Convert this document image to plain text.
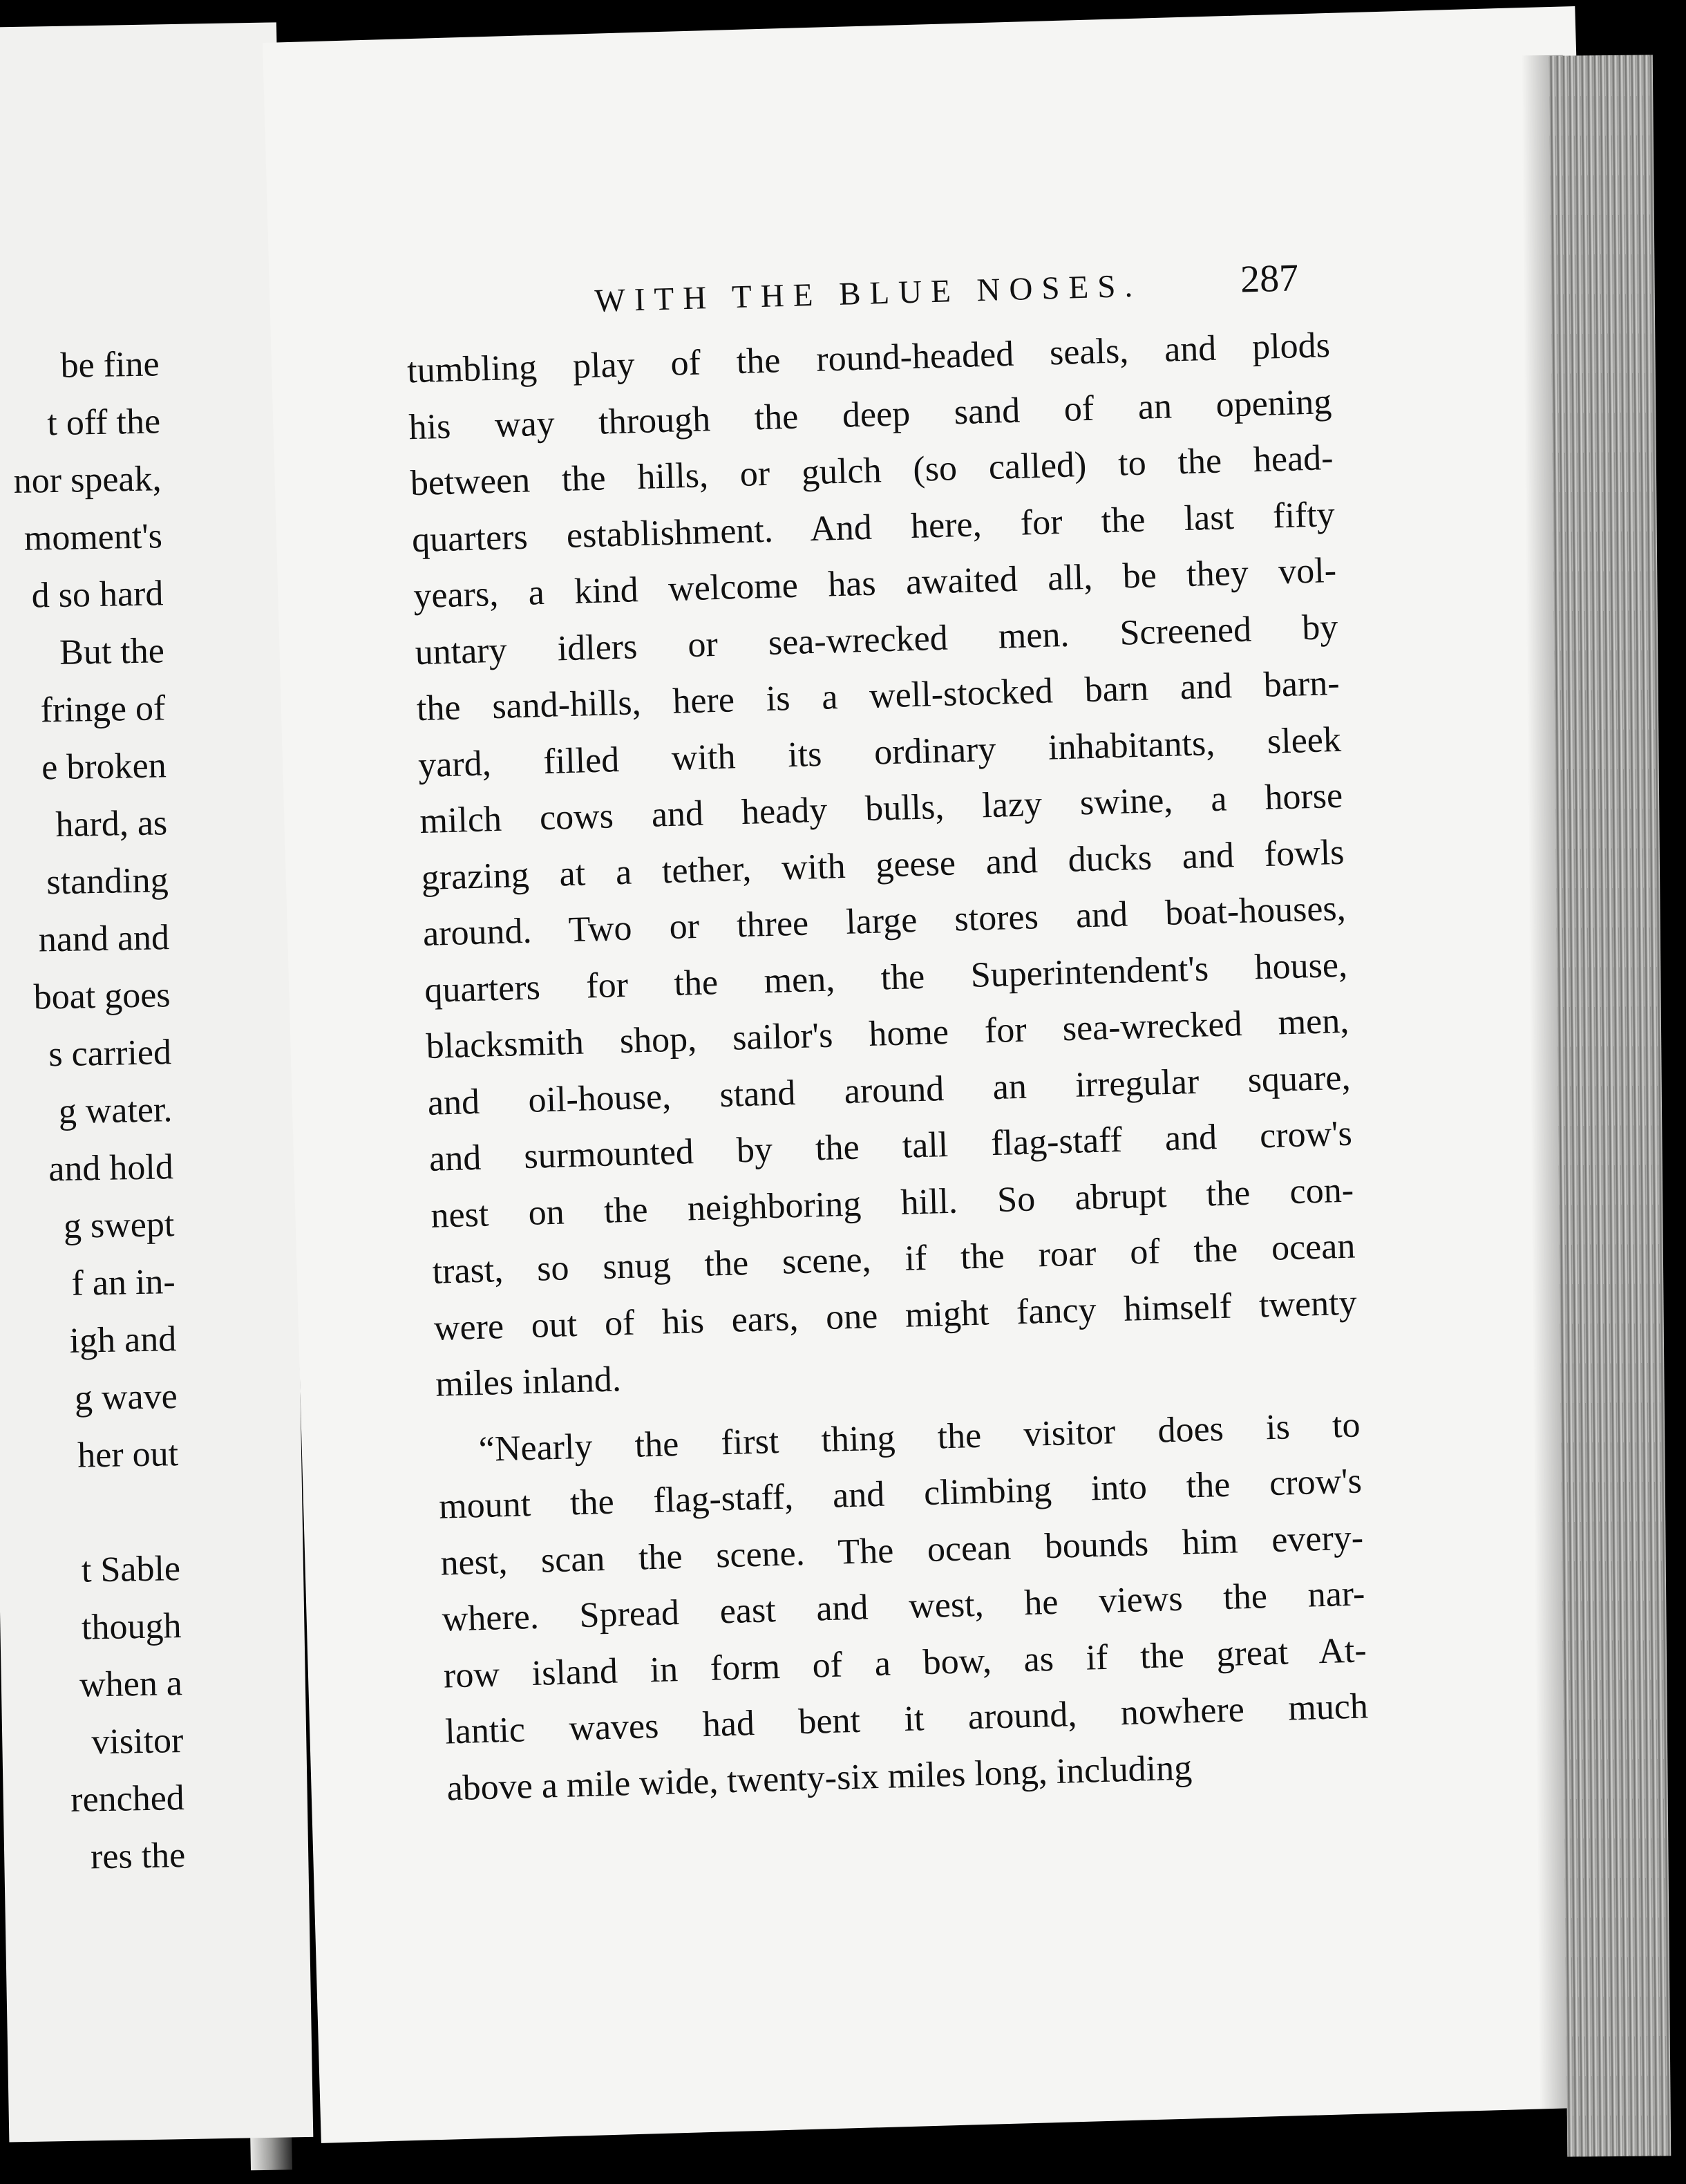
be fine
t off the
nor speak,
moment's
d so hard
But the
fringe of
e broken
hard, as
standing
nand and
boat goes
s carried
g water.
and hold
g swept
f an in-
igh and
g wave
her out
t Sable
though
when a
visitor
renched
res the
WITH THE BLUE NOSES.	287
tumbling play of the round-headed seals, and plods
his way through the deep sand of an opening
between the hills, or gulch (so called) to the head-
quarters establishment. And here, for the last fifty
years, a kind welcome has awaited all, be they vol-
untary idlers or sea-wrecked men. Screened by
the sand-hills, here is a well-stocked barn and barn-
yard, filled with its ordinary inhabitants, sleek
milch cows and heady bulls, lazy swine, a horse
grazing at a tether, with geese and ducks and fowls
around. Two or three large stores and boat-houses,
quarters for the men, the Superintendent's house,
blacksmith shop, sailor's home for sea-wrecked men,
and oil-house, stand around an irregular square,
and surmounted by the tall flag-staff and crow's
nest on the neighboring hill. So abrupt the con-
trast, so snug the scene, if the roar of the ocean
were out of his ears, one might fancy himself twenty
miles inland.
“Nearly the first thing the visitor does is to
mount the flag-staff, and climbing into the crow's
nest, scan the scene. The ocean bounds him every-
where. Spread east and west, he views the nar-
row island in form of a bow, as if the great At-
lantic waves had bent it around, nowhere much
above a mile wide, twenty-six miles long, including
